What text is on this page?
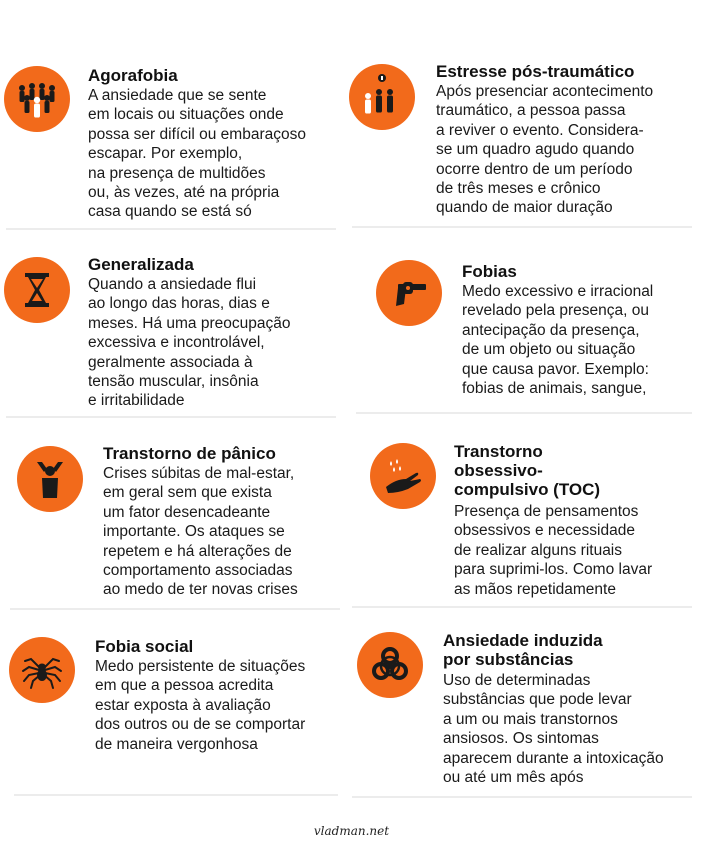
Agorafobia

A ansiedade que se sente
em locais ou situações onde
possa ser difícil ou embaraçoso
escapar. Por exemplo,
na presença de multidões
ou, às vezes, até na própria
casa quando se está só

Estresse pós-traumático

Após presenciar acontecimento
traumático, a pessoa passa
a reviver o evento. Considera-
se um quadro agudo quando
ocorre dentro de um período
de três meses e crônico
quando de maior duração

Generalizada

Quando a ansiedade flui
ao longo das horas, dias e
meses. Há uma preocupação
excessiva e incontrolável,
geralmente associada à
tensão muscular, insônia
e irritabilidade

Fobias

Medo excessivo e irracional
revelado pela presença, ou
antecipação da presença,
de um objeto ou situação
que causa pavor. Exemplo:
fobias de animais, sangue,

Transtorno de pânico

Crises súbitas de mal-estar,
em geral sem que exista
um fator desencadeante
importante. Os ataques se
repetem e há alterações de
comportamento associadas
ao medo de ter novas crises

Transtorno
obsessivo-
compulsivo (TOC)

Presença de pensamentos
obsessivos e necessidade
de realizar alguns rituais
para suprimi-los. Como lavar
as mãos repetidamente

Fobia social

Medo persistente de situações
em que a pessoa acredita
estar exposta à avaliação
dos outros ou de se comportar
de maneira vergonhosa

Ansiedade induzida
por substâncias

Uso de determinadas
substâncias que pode levar
a um ou mais transtornos
ansiosos. Os sintomas
aparecem durante a intoxicação
ou até um mês após

vladman.net
